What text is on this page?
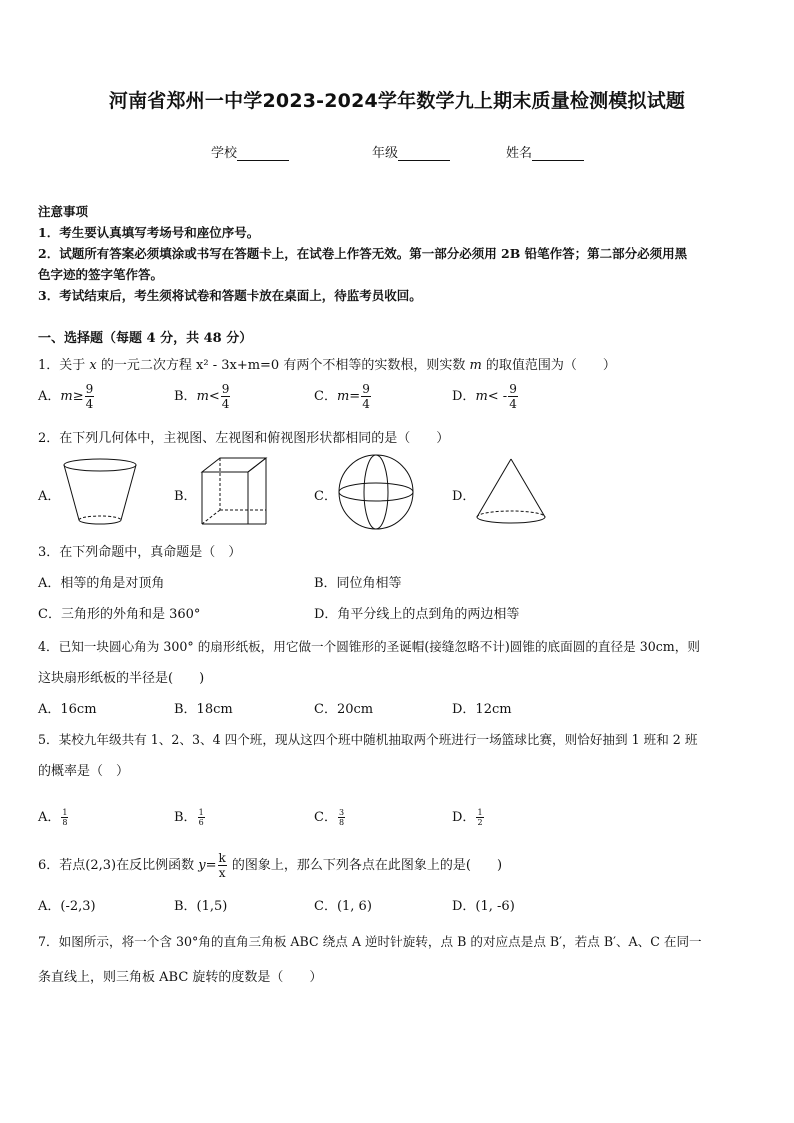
河南省郑州一中学2023-2024学年数学九上期末质量检测模拟试题
学校	年级	姓名
注意事项
1．考生要认真填写考场号和座位序号。
2．试题所有答案必须填涂或书写在答题卡上，在试卷上作答无效。第一部分必须用 2B 铅笔作答；第二部分必须用黑
色字迹的签字笔作答。
3．考试结束后，考生须将试卷和答题卡放在桌面上，待监考员收回。
一、选择题（每题 4 分，共 48 分）
1．关于 x 的一元二次方程 x² - 3x+m=0 有两个不相等的实数根，则实数 m 的取值范围为（　　）
A．$m\ge \frac{9}{4}$	B．$m< \frac{9}{4}$	C．$m= \frac{9}{4}$	D．$m< - \frac{9}{4}$
2．在下列几何体中，主视图、左视图和俯视图形状都相同的是（　　）
A．	B．	C．	D．
3．在下列命题中，真命题是（　）
A．相等的角是对顶角	B．同位角相等
C．三角形的外角和是 360°	D．角平分线上的点到角的两边相等
4．已知一块圆心角为 300° 的扇形纸板，用它做一个圆锥形的圣诞帽(接缝忽略不计)圆锥的底面圆的直径是 30cm，则
这块扇形纸板的半径是(　　)
A．16cm	B．18cm	C．20cm	D．12cm
5．某校九年级共有 1、2、3、4 四个班，现从这四个班中随机抽取两个班进行一场篮球比赛，则恰好抽到 1 班和 2 班
的概率是（　）
A． $\frac{1}{8}$	B． $\frac{1}{6}$	C． $\frac{3}{8}$	D． $\frac{1}{2}$
6．若点(2,3)在反比例函数 $y= \frac{k}{x}$ 的图象上，那么下列各点在此图象上的是(　　)
A．(-2,3)	B．(1,5)	C．(1, 6)	D．(1, -6)
7．如图所示，将一个含 30°角的直角三角板 ABC 绕点 A 逆时针旋转，点 B 的对应点是点 B′，若点 B′、A、C 在同一
条直线上，则三角板 ABC 旋转的度数是（　　）
